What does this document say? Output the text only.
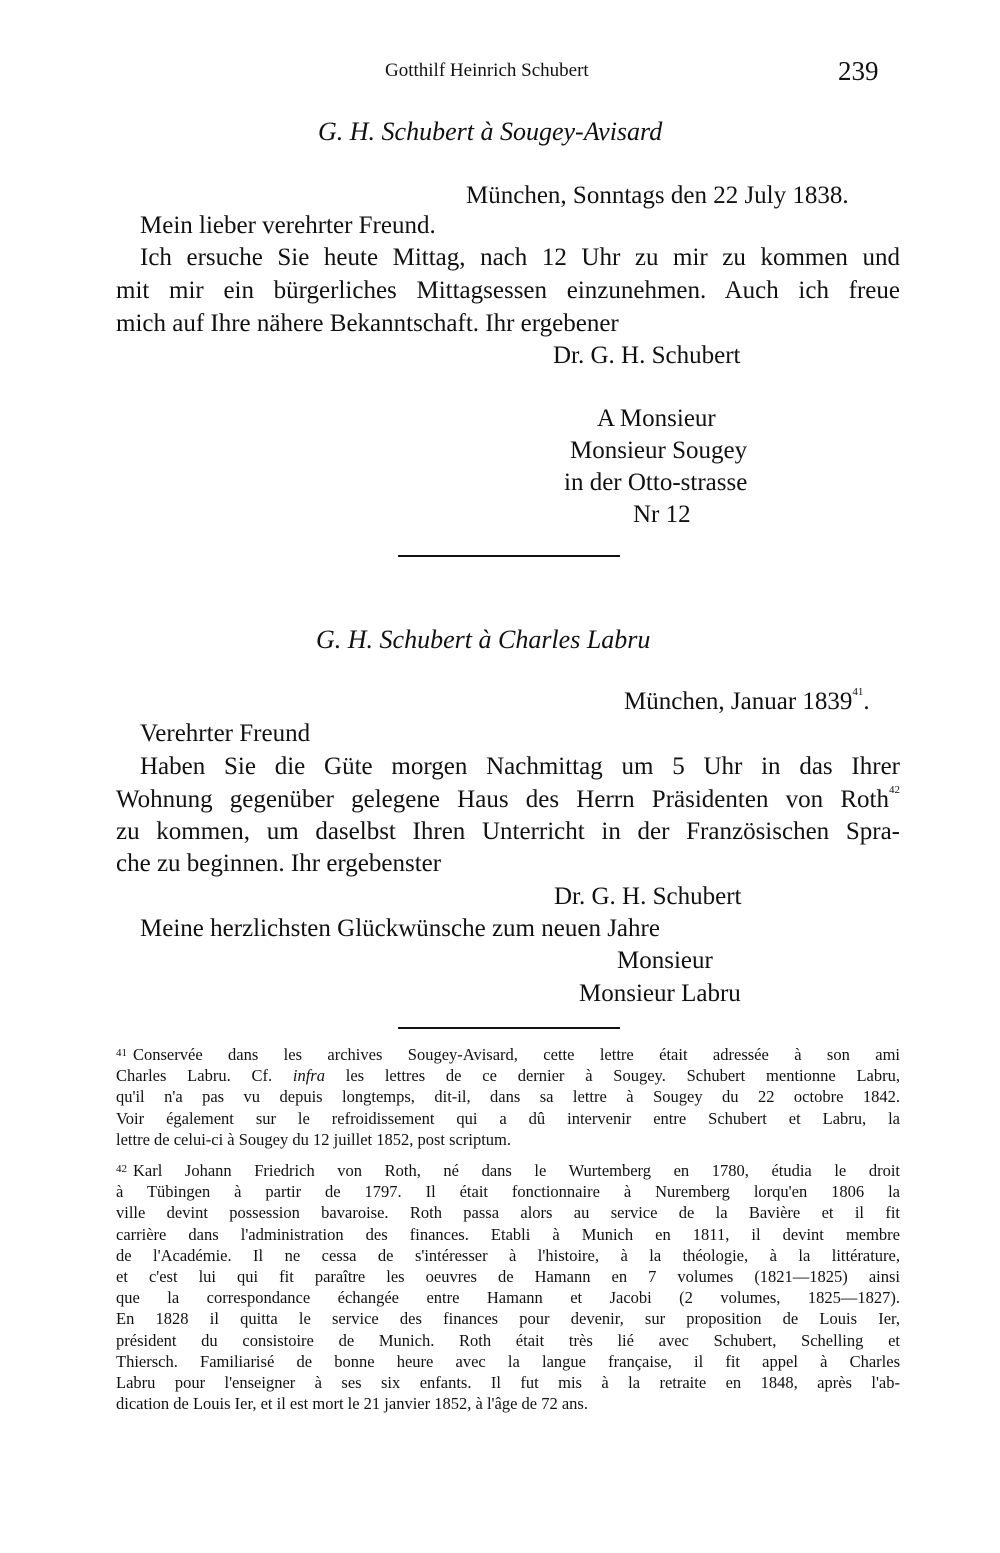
Gotthilf Heinrich Schubert	239
G. H. Schubert à Sougey-Avisard
München, Sonntags den 22 July 1838.
Mein lieber verehrter Freund.
Ich ersuche Sie heute Mittag, nach 12 Uhr zu mir zu kommen und
mit mir ein bürgerliches Mittagsessen einzunehmen. Auch ich freue
mich auf Ihre nähere Bekanntschaft. Ihr ergebener
Dr. G. H. Schubert
A Monsieur
Monsieur Sougey
in der Otto-strasse
Nr 12
G. H. Schubert à Charles Labru
München, Januar 1839$^{41}$.
Verehrter Freund
Haben Sie die Güte morgen Nachmittag um 5 Uhr in das Ihrer
Wohnung gegenüber gelegene Haus des Herrn Präsidenten von Roth$^{42}$
zu kommen, um daselbst Ihren Unterricht in der Französischen Spra-
che zu beginnen. Ihr ergebenster
Dr. G. H. Schubert
Meine herzlichsten Glückwünsche zum neuen Jahre
Monsieur
Monsieur Labru
$^{41}$ Conservée dans les archives Sougey-Avisard, cette lettre était adressée à son ami
Charles Labru. Cf. infra les lettres de ce dernier à Sougey. Schubert mentionne Labru,
qu'il n'a pas vu depuis longtemps, dit-il, dans sa lettre à Sougey du 22 octobre 1842.
Voir également sur le refroidissement qui a dû intervenir entre Schubert et Labru, la
lettre de celui-ci à Sougey du 12 juillet 1852, post scriptum.
$^{42}$ Karl Johann Friedrich von Roth, né dans le Wurtemberg en 1780, étudia le droit
à Tübingen à partir de 1797. Il était fonctionnaire à Nuremberg lorqu'en 1806 la
ville devint possession bavaroise. Roth passa alors au service de la Bavière et il fit
carrière dans l'administration des finances. Etabli à Munich en 1811, il devint membre
de l'Académie. Il ne cessa de s'intéresser à l'histoire, à la théologie, à la littérature,
et c'est lui qui fit paraître les oeuvres de Hamann en 7 volumes (1821—1825) ainsi
que la correspondance échangée entre Hamann et Jacobi (2 volumes, 1825—1827).
En 1828 il quitta le service des finances pour devenir, sur proposition de Louis Ier,
président du consistoire de Munich. Roth était très lié avec Schubert, Schelling et
Thiersch. Familiarisé de bonne heure avec la langue française, il fit appel à Charles
Labru pour l'enseigner à ses six enfants. Il fut mis à la retraite en 1848, après l'ab-
dication de Louis Ier, et il est mort le 21 janvier 1852, à l'âge de 72 ans.
